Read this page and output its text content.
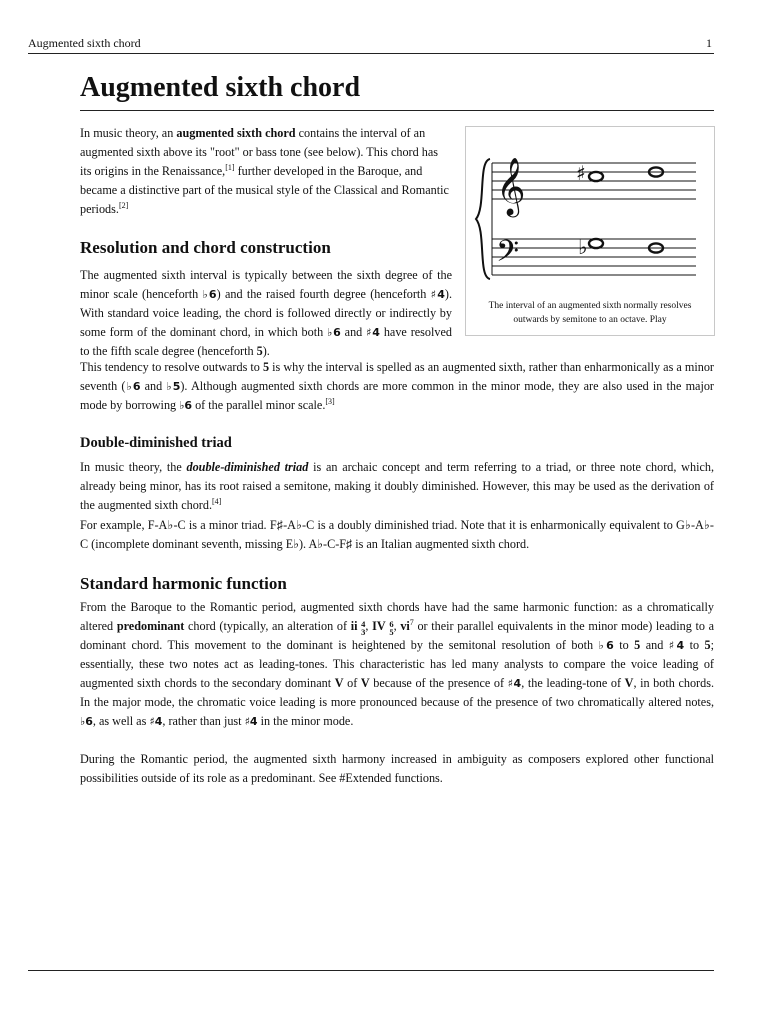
Augmented sixth chord	1
Augmented sixth chord

In music theory, an augmented sixth chord contains the interval of an augmented sixth above its "root" or bass tone (see below). This chord has its origins in the Renaissance,[1] further developed in the Baroque, and became a distinctive part of the musical style of the Classical and Romantic periods.[2]	𝄞	♯
𝄢	♭
The interval of an augmented sixth normally resolves outwards by semitone to an octave. Play
Resolution and chord construction

The augmented sixth interval is typically between the sixth degree of the minor scale (henceforth ♭6) and the raised fourth degree (henceforth ♯4). With standard voice leading, the chord is followed directly or indirectly by some form of the dominant chord, in which both ♭6 and ♯4 have resolved to the fifth scale degree (henceforth 5).

This tendency to resolve outwards to 5 is why the interval is spelled as an augmented sixth, rather than enharmonically as a minor seventh (♭6 and ♭5). Although augmented sixth chords are more common in the minor mode, they are also used in the major mode by borrowing ♭6 of the parallel minor scale.[3]

Double-diminished triad

In music theory, the double-diminished triad is an archaic concept and term referring to a triad, or three note chord, which, already being minor, has its root raised a semitone, making it doubly diminished. However, this may be used as the derivation of the augmented sixth chord.[4]

For example, F-A♭-C is a minor triad. F♯-A♭-C is a doubly diminished triad. Note that it is enharmonically equivalent to G♭-A♭-C (incomplete dominant seventh, missing E♭). A♭-C-F♯ is an Italian augmented sixth chord.

Standard harmonic function

From the Baroque to the Romantic period, augmented sixth chords have had the same harmonic function: as a chromatically altered predominant chord (typically, an alteration of ii 4
3 , IV 6
5 , $vi^7$ or their parallel equivalents in the minor mode) leading to a dominant chord. This movement to the dominant is heightened by the semitonal resolution of both ♭6 to 5 and ♯4 to 5; essentially, these two notes act as leading-tones. This characteristic has led many analysts to compare the voice leading of augmented sixth chords to the secondary dominant V of V because of the presence of ♯4, the leading-tone of V, in both chords. In the major mode, the chromatic voice leading is more pronounced because of the presence of two chromatically altered notes, ♭6, as well as ♯4, rather than just ♯4 in the minor mode.

During the Romantic period, the augmented sixth harmony increased in ambiguity as composers explored other functional possibilities outside of its role as a predominant. See #Extended functions.
